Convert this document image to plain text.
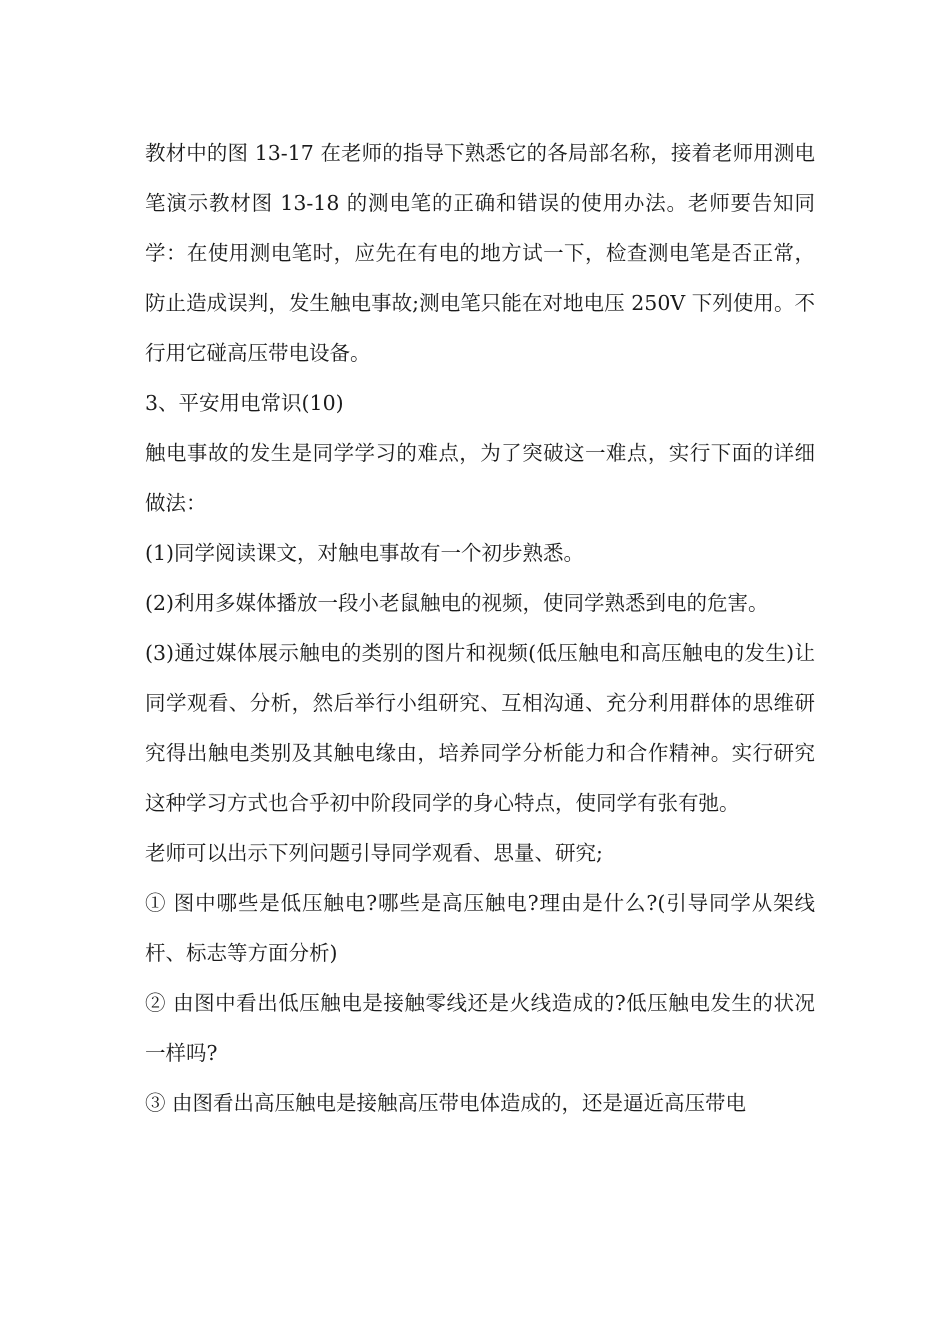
教材中的图 13-17 在老师的指导下熟悉它的各局部名称，接着老师用测电笔演示教材图 13-18 的测电笔的正确和错误的使用办法。老师要告知同学：在使用测电笔时，应先在有电的地方试一下，检查测电笔是否正常，防止造成误判，发生触电事故;测电笔只能在对地电压 250V 下列使用。不行用它碰高压带电设备。

3、平安用电常识(10)

触电事故的发生是同学学习的难点，为了突破这一难点，实行下面的详细做法：

(1)同学阅读课文，对触电事故有一个初步熟悉。

(2)利用多媒体播放一段小老鼠触电的视频，使同学熟悉到电的危害。

(3)通过媒体展示触电的类别的图片和视频(低压触电和高压触电的发生)让同学观看、分析，然后举行小组研究、互相沟通、充分利用群体的思维研究得出触电类别及其触电缘由，培养同学分析能力和合作精神。实行研究这种学习方式也合乎初中阶段同学的身心特点，使同学有张有弛。

老师可以出示下列问题引导同学观看、思量、研究;

① 图中哪些是低压触电?哪些是高压触电?理由是什么?(引导同学从架线杆、标志等方面分析)

② 由图中看出低压触电是接触零线还是火线造成的?低压触电发生的状况一样吗?

③ 由图看出高压触电是接触高压带电体造成的，还是逼近高压带电
